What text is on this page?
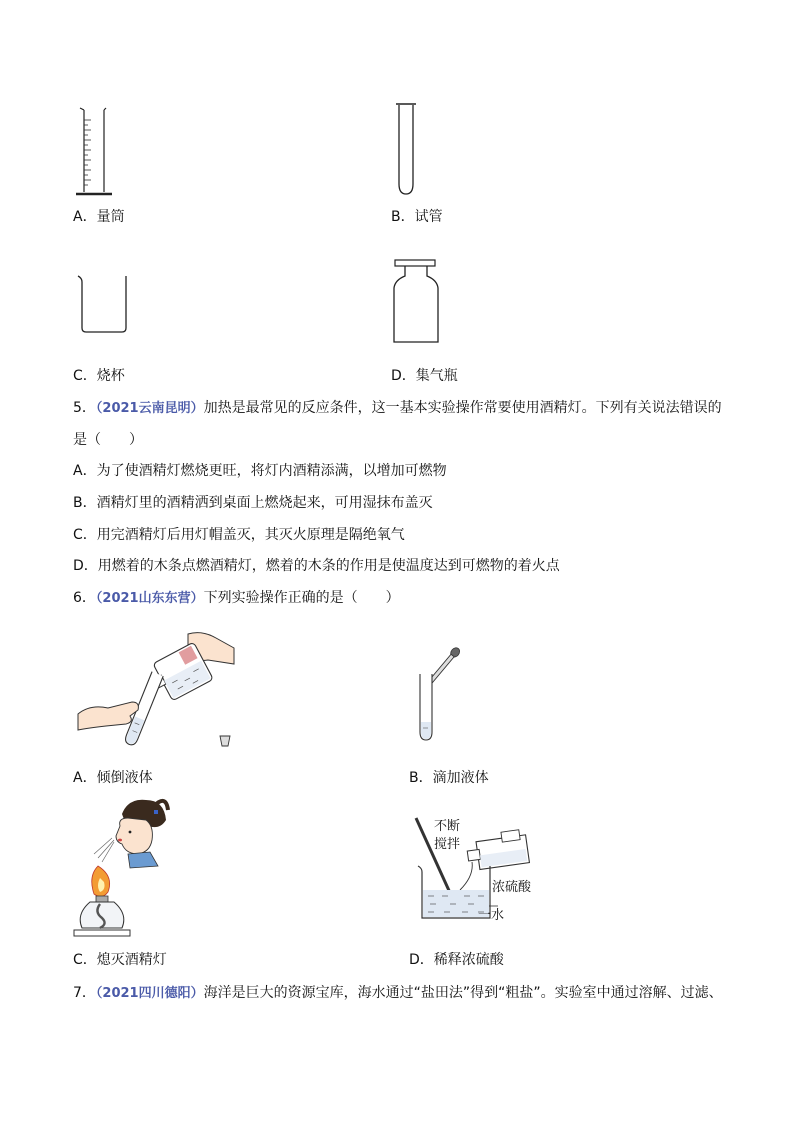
A．量筒	B．试管
C．烧杯	D．集气瓶
5．（2021云南昆明）加热是最常见的反应条件，这一基本实验操作常要使用酒精灯。下列有关说法错误的
是（　　）
A．为了使酒精灯燃烧更旺，将灯内酒精添满，以增加可燃物
B．酒精灯里的酒精洒到桌面上燃烧起来，可用湿抹布盖灭
C．用完酒精灯后用灯帽盖灭，其灭火原理是隔绝氧气
D．用燃着的木条点燃酒精灯，燃着的木条的作用是使温度达到可燃物的着火点
6．（2021山东东营）下列实验操作正确的是（　　）
A．倾倒液体	B．滴加液体
不断
搅拌
浓硫酸
一水
C．熄灭酒精灯	D．稀释浓硫酸
7．（2021四川德阳）海洋是巨大的资源宝库，海水通过“盐田法”得到“粗盐”。实验室中通过溶解、过滤、
